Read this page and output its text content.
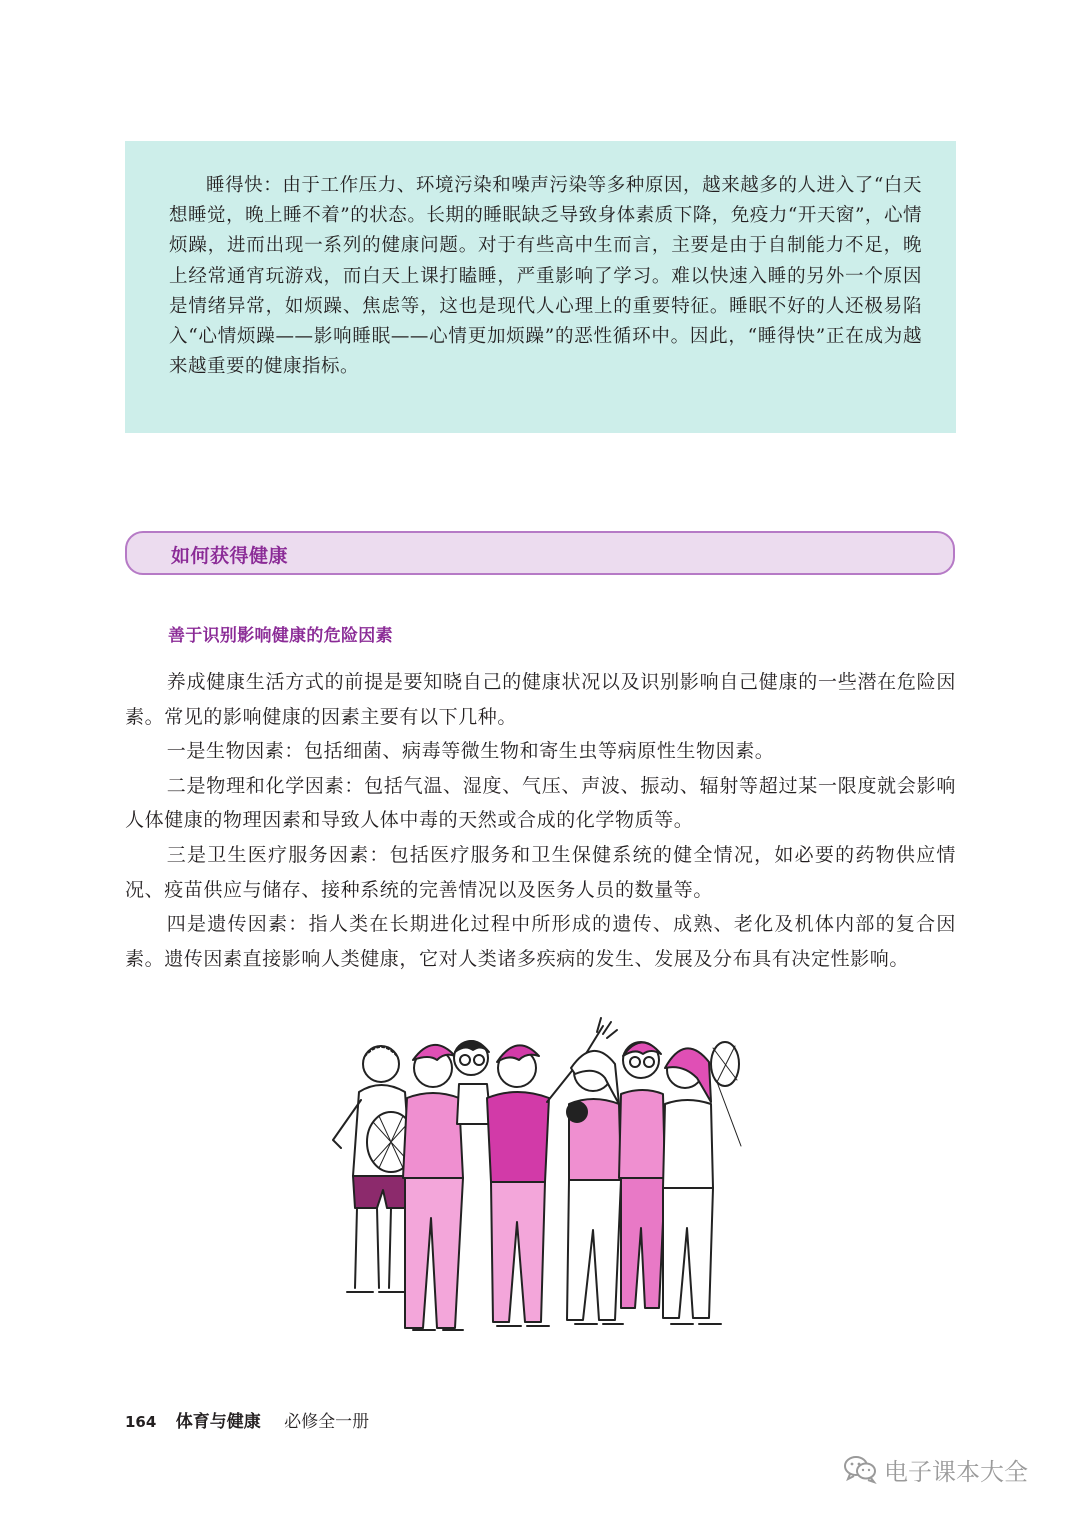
睡得快：由于工作压力、环境污染和噪声污染等多种原因，越来越多的人进入了“白天想睡觉，晚上睡不着”的状态。长期的睡眠缺乏导致身体素质下降，免疫力“开天窗”，心情烦躁，进而出现一系列的健康问题。对于有些高中生而言，主要是由于自制能力不足，晚上经常通宵玩游戏，而白天上课打瞌睡，严重影响了学习。难以快速入睡的另外一个原因是情绪异常，如烦躁、焦虑等，这也是现代人心理上的重要特征。睡眠不好的人还极易陷入“心情烦躁——影响睡眠——心情更加烦躁”的恶性循环中。因此，“睡得快”正在成为越来越重要的健康指标。

如何获得健康
善于识别影响健康的危险因素

养成健康生活方式的前提是要知晓自己的健康状况以及识别影响自己健康的一些潜在危险因素。常见的影响健康的因素主要有以下几种。

一是生物因素：包括细菌、病毒等微生物和寄生虫等病原性生物因素。

二是物理和化学因素：包括气温、湿度、气压、声波、振动、辐射等超过某一限度就会影响人体健康的物理因素和导致人体中毒的天然或合成的化学物质等。

三是卫生医疗服务因素：包括医疗服务和卫生保健系统的健全情况，如必要的药物供应情况、疫苗供应与储存、接种系统的完善情况以及医务人员的数量等。

四是遗传因素：指人类在长期进化过程中所形成的遗传、成熟、老化及机体内部的复合因素。遗传因素直接影响人类健康，它对人类诸多疾病的发生、发展及分布具有决定性影响。

164 体育与健康 必修全一册
电子课本大全
